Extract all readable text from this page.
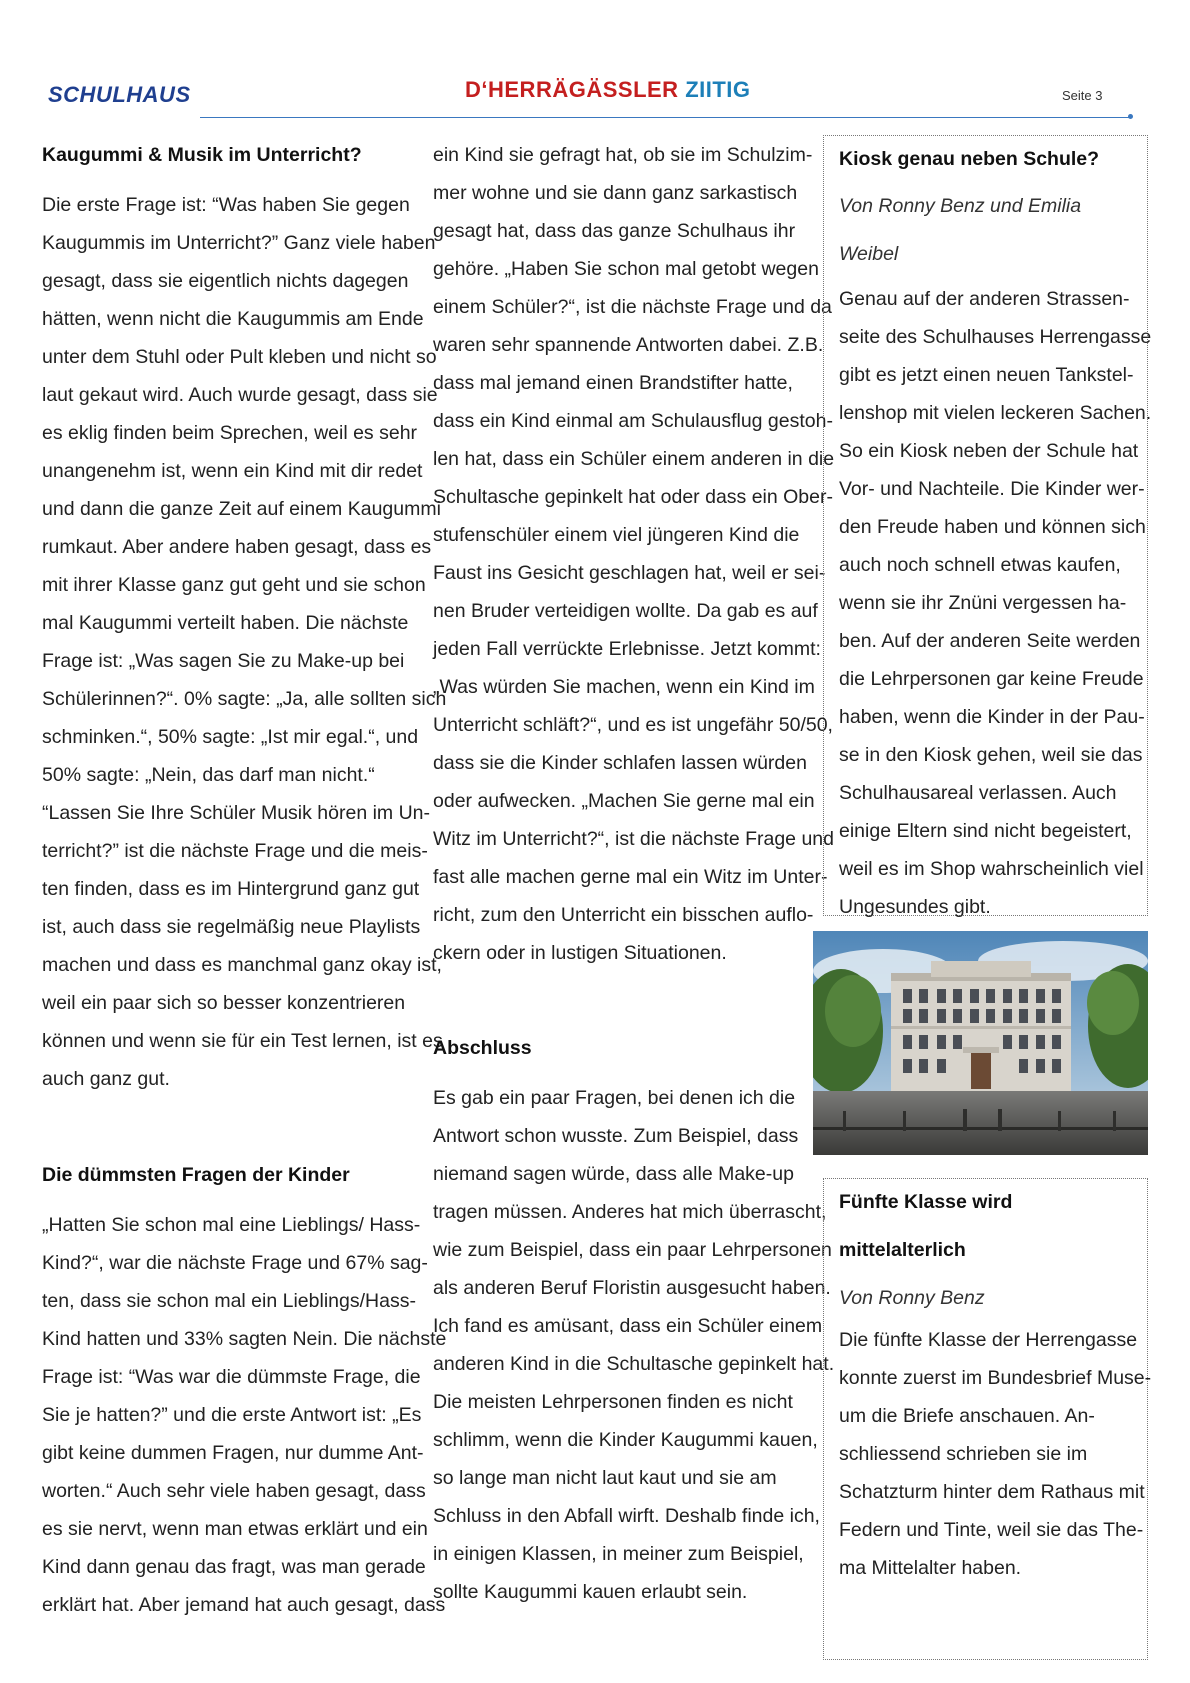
SCHULHAUS	D‘HERRÄGÄSSLER ZIITIG	Seite 3
Kaugummi & Musik im Unterricht?
Die erste Frage ist: “Was haben Sie gegen
Kaugummis im Unterricht?” Ganz viele haben
gesagt, dass sie eigentlich nichts dagegen
hätten, wenn nicht die Kaugummis am Ende
unter dem Stuhl oder Pult kleben und nicht so
laut gekaut wird. Auch wurde gesagt, dass sie
es eklig finden beim Sprechen, weil es sehr
unangenehm ist, wenn ein Kind mit dir redet
und dann die ganze Zeit auf einem Kaugummi
rumkaut. Aber andere haben gesagt, dass es
mit ihrer Klasse ganz gut geht und sie schon
mal Kaugummi verteilt haben. Die nächste
Frage ist: „Was sagen Sie zu Make-up bei
Schülerinnen?“. 0% sagte: „Ja, alle sollten sich
schminken.“, 50% sagte: „Ist mir egal.“, und
50% sagte: „Nein, das darf man nicht.“
“Lassen Sie Ihre Schüler Musik hören im Un-
terricht?” ist die nächste Frage und die meis-
ten finden, dass es im Hintergrund ganz gut
ist, auch dass sie regelmäßig neue Playlists
machen und dass es manchmal ganz okay ist,
weil ein paar sich so besser konzentrieren
können und wenn sie für ein Test lernen, ist es
auch ganz gut.
Die dümmsten Fragen der Kinder
„Hatten Sie schon mal eine Lieblings/ Hass-
Kind?“, war die nächste Frage und 67% sag-
ten, dass sie schon mal ein Lieblings/Hass-
Kind hatten und 33% sagten Nein. Die nächste
Frage ist: “Was war die dümmste Frage, die
Sie je hatten?” und die erste Antwort ist: „Es
gibt keine dummen Fragen, nur dumme Ant-
worten.“ Auch sehr viele haben gesagt, dass
es sie nervt, wenn man etwas erklärt und ein
Kind dann genau das fragt, was man gerade
erklärt hat. Aber jemand hat auch gesagt, dass
ein Kind sie gefragt hat, ob sie im Schulzim-
mer wohne und sie dann ganz sarkastisch
gesagt hat, dass das ganze Schulhaus ihr
gehöre. „Haben Sie schon mal getobt wegen
einem Schüler?“, ist die nächste Frage und da
waren sehr spannende Antworten dabei. Z.B.
dass mal jemand einen Brandstifter hatte,
dass ein Kind einmal am Schulausflug gestoh-
len hat, dass ein Schüler einem anderen in die
Schultasche gepinkelt hat oder dass ein Ober-
stufenschüler einem viel jüngeren Kind die
Faust ins Gesicht geschlagen hat, weil er sei-
nen Bruder verteidigen wollte. Da gab es auf
jeden Fall verrückte Erlebnisse. Jetzt kommt:
„Was würden Sie machen, wenn ein Kind im
Unterricht schläft?“, und es ist ungefähr 50/50,
dass sie die Kinder schlafen lassen würden
oder aufwecken. „Machen Sie gerne mal ein
Witz im Unterricht?“, ist die nächste Frage und
fast alle machen gerne mal ein Witz im Unter-
richt, zum den Unterricht ein bisschen auflo-
ckern oder in lustigen Situationen.
Abschluss
Es gab ein paar Fragen, bei denen ich die
Antwort schon wusste. Zum Beispiel, dass
niemand sagen würde, dass alle Make-up
tragen müssen. Anderes hat mich überrascht,
wie zum Beispiel, dass ein paar Lehrpersonen
als anderen Beruf Floristin ausgesucht haben.
Ich fand es amüsant, dass ein Schüler einem
anderen Kind in die Schultasche gepinkelt hat.
Die meisten Lehrpersonen finden es nicht
schlimm, wenn die Kinder Kaugummi kauen,
so lange man nicht laut kaut und sie am
Schluss in den Abfall wirft. Deshalb finde ich,
in einigen Klassen, in meiner zum Beispiel,
sollte Kaugummi kauen erlaubt sein.
Kiosk genau neben Schule?
Von Ronny Benz und Emilia Weibel
Genau auf der anderen Strassen-
seite des Schulhauses Herrengasse
gibt es jetzt einen neuen Tankstel-
lenshop mit vielen leckeren Sachen.
So ein Kiosk neben der Schule hat
Vor- und Nachteile. Die Kinder wer-
den Freude haben und können sich
auch noch schnell etwas kaufen,
wenn sie ihr Znüni vergessen ha-
ben. Auf der anderen Seite werden
die Lehrpersonen gar keine Freude
haben, wenn die Kinder in der Pau-
se in den Kiosk gehen, weil sie das
Schulhausareal verlassen. Auch
einige Eltern sind nicht begeistert,
weil es im Shop wahrscheinlich viel
Ungesundes gibt.
Fünfte Klasse wird
mittelalterlich
Von Ronny Benz
Die fünfte Klasse der Herrengasse
konnte zuerst im Bundesbrief Muse-
um die Briefe anschauen. An-
schliessend schrieben sie im
Schatzturm hinter dem Rathaus mit
Federn und Tinte, weil sie das The-
ma Mittelalter haben.
